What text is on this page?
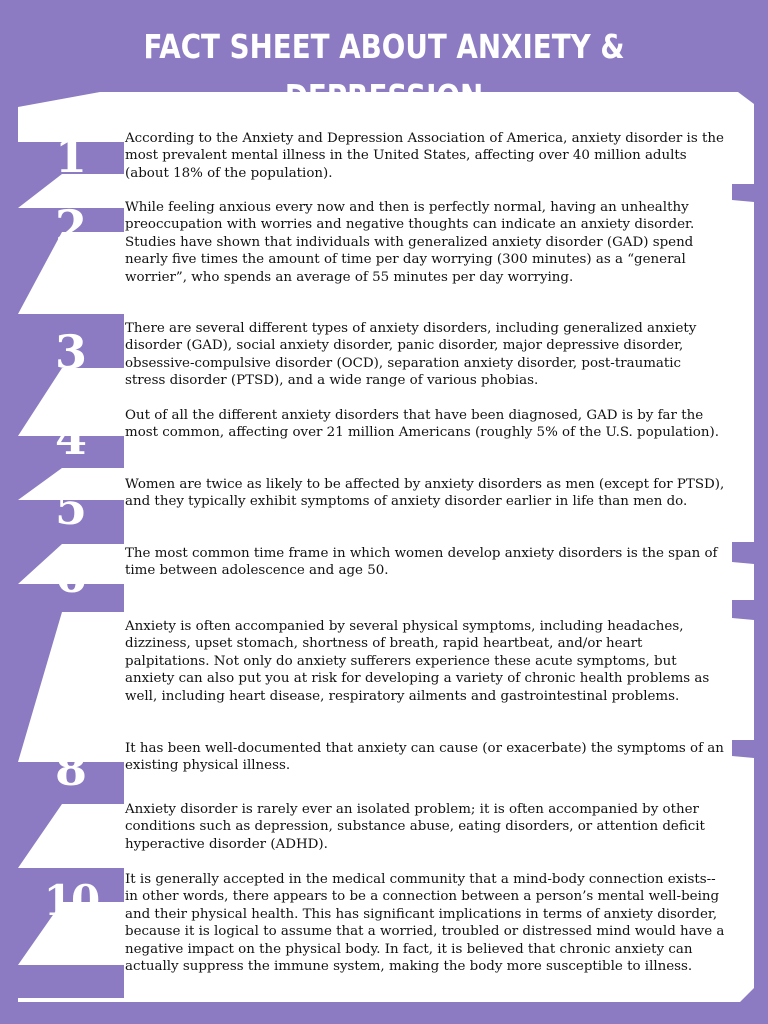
FACT SHEET ABOUT ANXIETY &
1
2
3
4
5
6
7
8
9
10
According to the Anxiety and Depression Association of America, anxiety disorder is the most prevalent mental illness in the United States, affecting over 40 million adults (about 18% of the population).
While feeling anxious every now and then is perfectly normal, having an unhealthy preoccupation with worries and negative thoughts can indicate an anxiety disorder. Studies have shown that individuals with generalized anxiety disorder (GAD) spend nearly five times the amount of time per day worrying (300 minutes) as a “general worrier”, who spends an average of 55 minutes per day worrying.
There are several different types of anxiety disorders, including generalized anxiety disorder (GAD), social anxiety disorder, panic disorder, major depressive disorder, obsessive-compulsive disorder (OCD), separation anxiety disorder, post-traumatic stress disorder (PTSD), and a wide range of various phobias.
Out of all the different anxiety disorders that have been diagnosed, GAD is by far the most common, affecting over 21 million Americans (roughly 5% of the U.S. population).
Women are twice as likely to be affected by anxiety disorders as men (except for PTSD), and they typically exhibit symptoms of anxiety disorder earlier in life than men do.
The most common time frame in which women develop anxiety disorders is the span of time between adolescence and age 50.
Anxiety is often accompanied by several physical symptoms, including headaches, dizziness, upset stomach, shortness of breath, rapid heartbeat, and/or heart palpitations. Not only do anxiety sufferers experience these acute symptoms, but anxiety can also put you at risk for developing a variety of chronic health problems as well, including heart disease, respiratory ailments and gastrointestinal problems.
It has been well-documented that anxiety can cause (or exacerbate) the symptoms of an existing physical illness.
Anxiety disorder is rarely ever an isolated problem; it is often accompanied by other conditions such as depression, substance abuse, eating disorders, or attention deficit hyperactive disorder (ADHD).
It is generally accepted in the medical community that a mind-body connection exists--in other words, there appears to be a connection between a person’s mental well-being and their physical health. This has significant implications in terms of anxiety disorder, because it is logical to assume that a worried, troubled or distressed mind would have a negative impact on the physical body. In fact, it is believed that chronic anxiety can actually suppress the immune system, making the body more susceptible to illness.
